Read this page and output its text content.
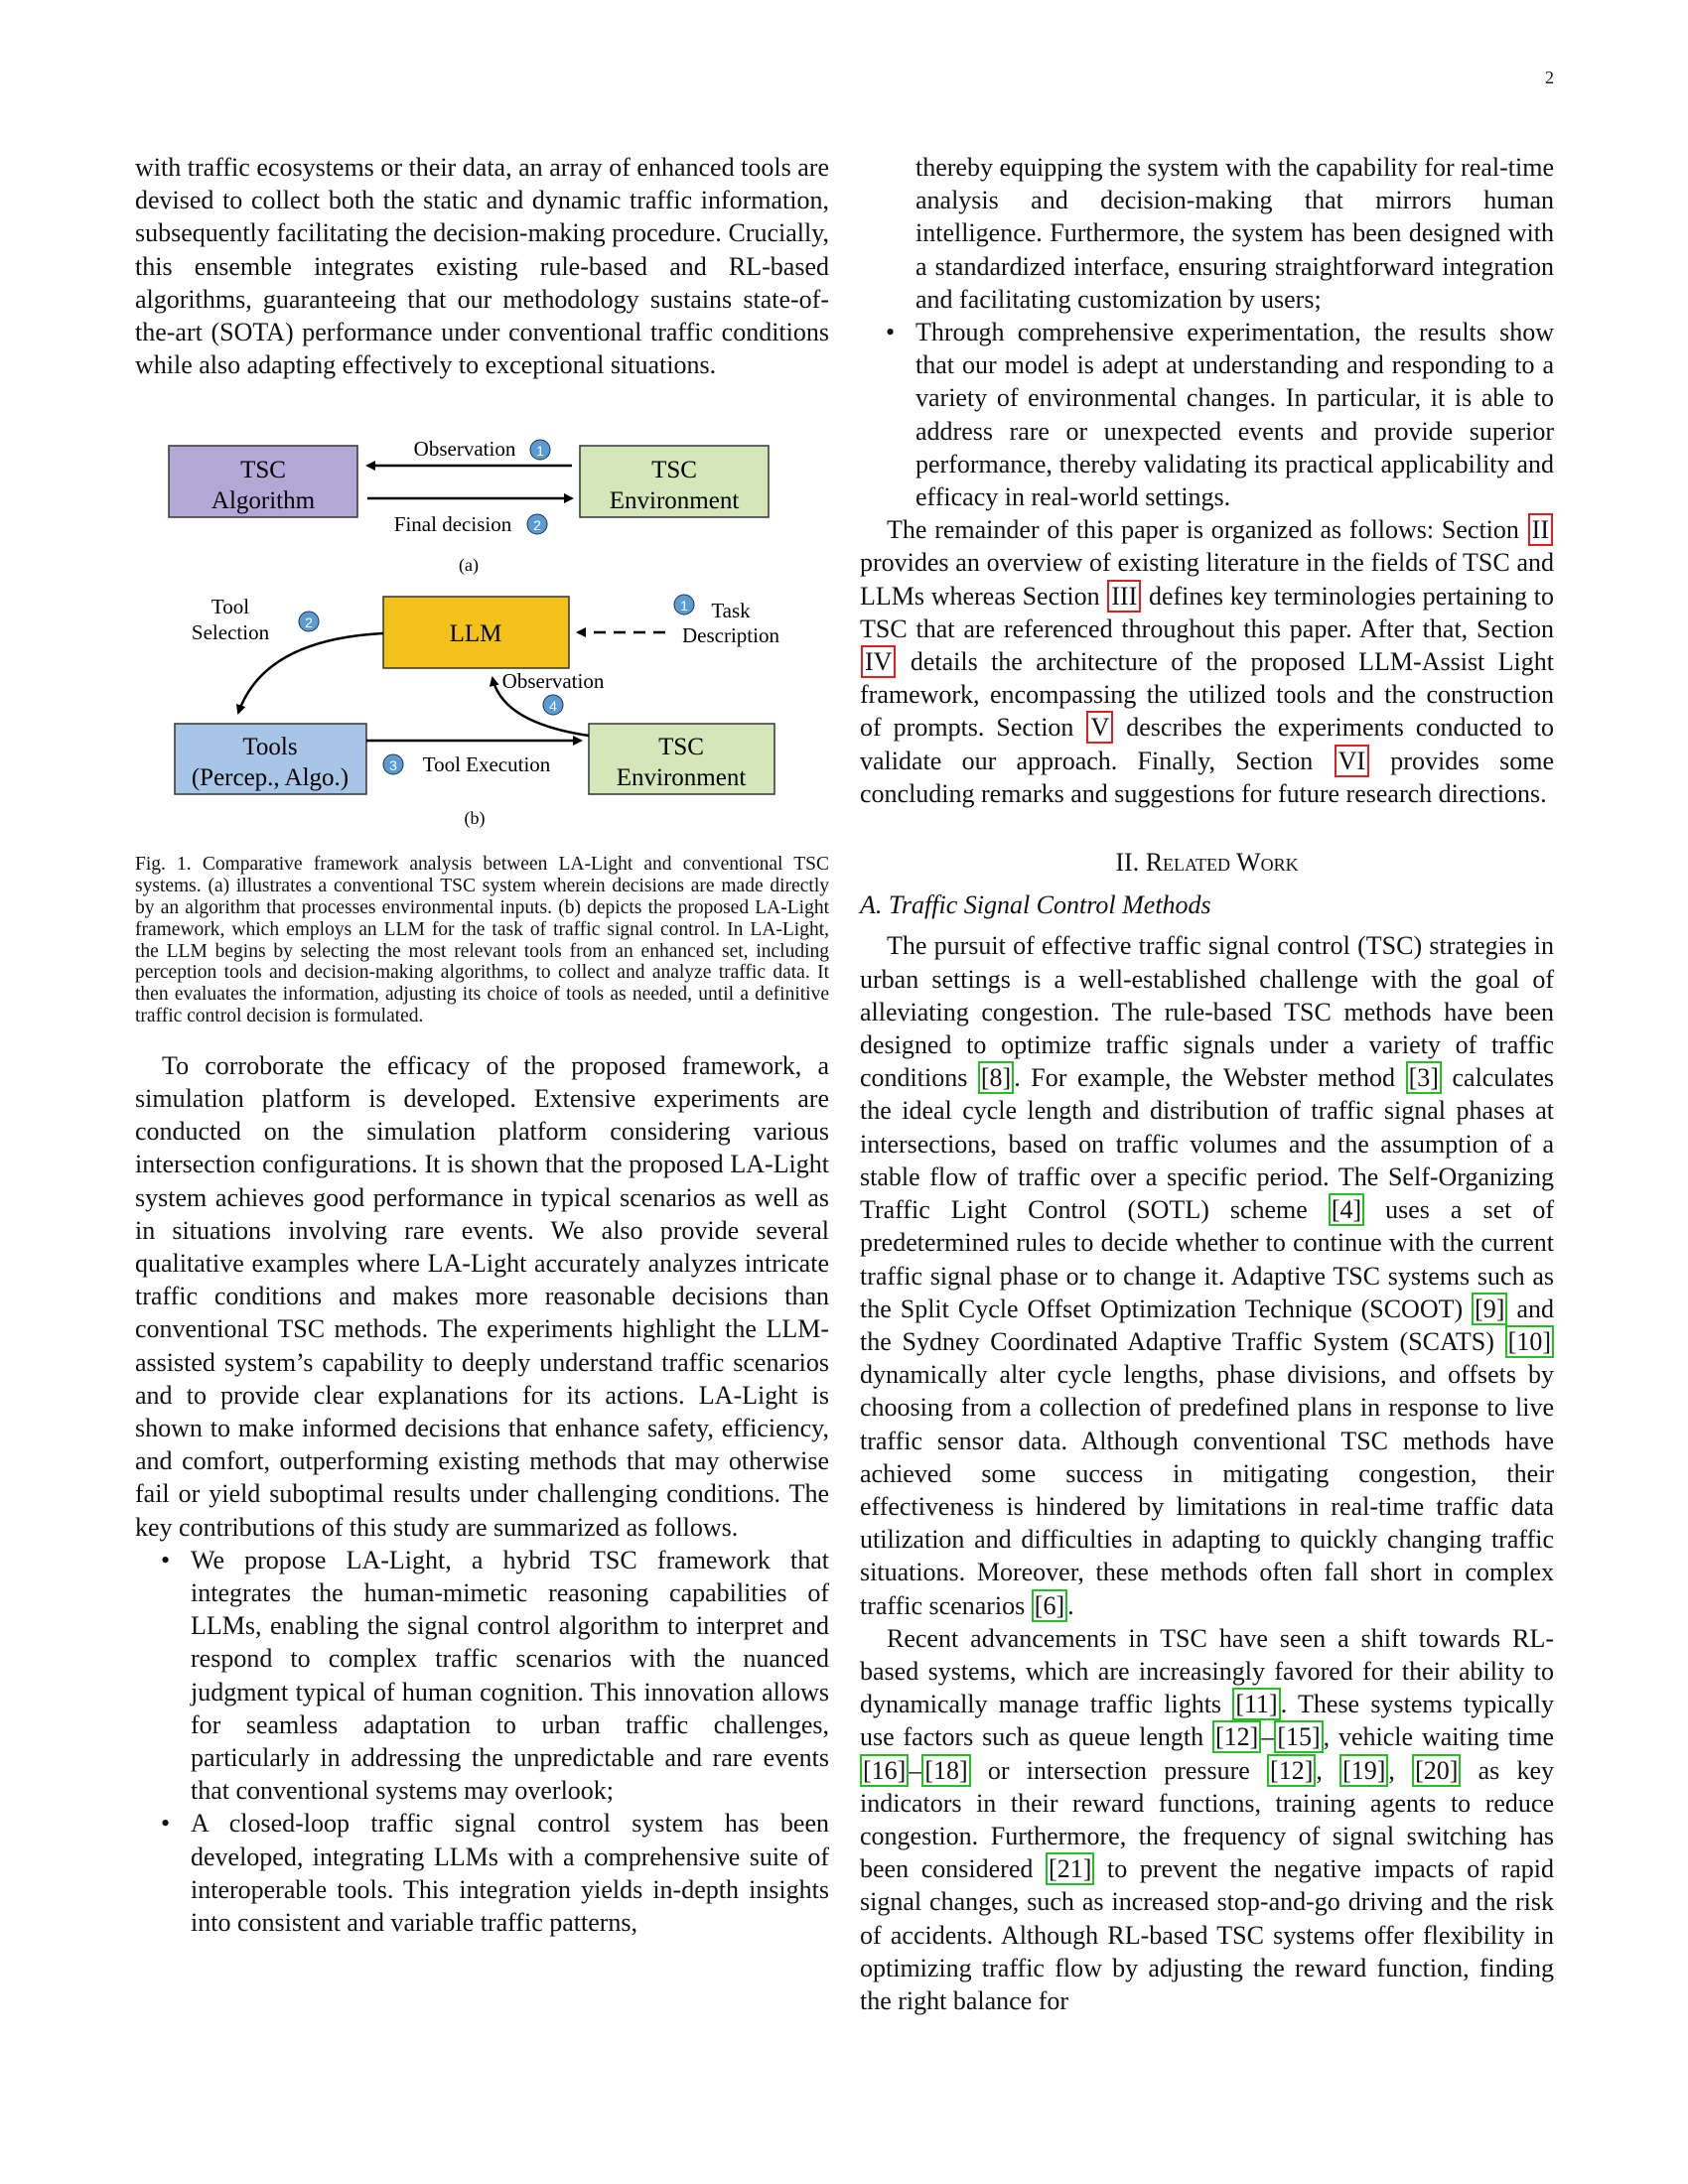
2

with traffic ecosystems or their data, an array of enhanced tools are devised to collect both the static and dynamic traffic information, subsequently facilitating the decision-making procedure. Crucially, this ensemble integrates existing rule-based and RL-based algorithms, guaranteeing that our methodology sustains state-of-the-art (SOTA) performance under conventional traffic conditions while also adapting effectively to exceptional situations.

TSC
Algorithm
TSC
Environment
Observation 1
Final decision 2
(a)
LLM
1 Task
Description
Tool
Selection	2
Tools
(Percep., Algo.)
TSC
Environment
3 Tool Execution
Observation
4
(b)

Fig. 1. Comparative framework analysis between LA-Light and conventional TSC systems. (a) illustrates a conventional TSC system wherein decisions are made directly by an algorithm that processes environmental inputs. (b) depicts the proposed LA-Light framework, which employs an LLM for the task of traffic signal control. In LA-Light, the LLM begins by selecting the most relevant tools from an enhanced set, including perception tools and decision-making algorithms, to collect and analyze traffic data. It then evaluates the information, adjusting its choice of tools as needed, until a definitive traffic control decision is formulated.

To corroborate the efficacy of the proposed framework, a simulation platform is developed. Extensive experiments are conducted on the simulation platform considering various intersection configurations. It is shown that the proposed LA-Light system achieves good performance in typical scenarios as well as in situations involving rare events. We also provide several qualitative examples where LA-Light accurately analyzes intricate traffic conditions and makes more reasonable decisions than conventional TSC methods. The experiments highlight the LLM-assisted system’s capability to deeply understand traffic scenarios and to provide clear explanations for its actions. LA-Light is shown to make informed decisions that enhance safety, efficiency, and comfort, outperforming existing methods that may otherwise fail or yield suboptimal results under challenging conditions. The key contributions of this study are summarized as follows.

• We propose LA-Light, a hybrid TSC framework that integrates the human-mimetic reasoning capabilities of LLMs, enabling the signal control algorithm to interpret and respond to complex traffic scenarios with the nuanced judgment typical of human cognition. This innovation allows for seamless adaptation to urban traffic challenges, particularly in addressing the unpredictable and rare events that conventional systems may overlook;
• A closed-loop traffic signal control system has been developed, integrating LLMs with a comprehensive suite of interoperable tools. This integration yields in-depth insights into consistent and variable traffic patterns,
thereby equipping the system with the capability for real-time analysis and decision-making that mirrors human intelligence. Furthermore, the system has been designed with a standardized interface, ensuring straightforward integration and facilitating customization by users;
• Through comprehensive experimentation, the results show that our model is adept at understanding and responding to a variety of environmental changes. In particular, it is able to address rare or unexpected events and provide superior performance, thereby validating its practical applicability and efficacy in real-world settings.

The remainder of this paper is organized as follows: Section II provides an overview of existing literature in the fields of TSC and LLMs whereas Section III defines key terminologies pertaining to TSC that are referenced throughout this paper. After that, Section IV details the architecture of the proposed LLM-Assist Light framework, encompassing the utilized tools and the construction of prompts. Section V describes the experiments conducted to validate our approach. Finally, Section VI provides some concluding remarks and suggestions for future research directions.

II. Related Work

A. Traffic Signal Control Methods

The pursuit of effective traffic signal control (TSC) strategies in urban settings is a well-established challenge with the goal of alleviating congestion. The rule-based TSC methods have been designed to optimize traffic signals under a variety of traffic conditions [8] . For example, the Webster method [3] calculates the ideal cycle length and distribution of traffic signal phases at intersections, based on traffic volumes and the assumption of a stable flow of traffic over a specific period. The Self-Organizing Traffic Light Control (SOTL) scheme [4] uses a set of predetermined rules to decide whether to continue with the current traffic signal phase or to change it. Adaptive TSC systems such as the Split Cycle Offset Optimization Technique (SCOOT) [9] and the Sydney Coordinated Adaptive Traffic System (SCATS) [10] dynamically alter cycle lengths, phase divisions, and offsets by choosing from a collection of predefined plans in response to live traffic sensor data. Although conventional TSC methods have achieved some success in mitigating congestion, their effectiveness is hindered by limitations in real-time traffic data utilization and difficulties in adapting to quickly changing traffic situations. Moreover, these methods often fall short in complex traffic scenarios [6] .

Recent advancements in TSC have seen a shift towards RL-based systems, which are increasingly favored for their ability to dynamically manage traffic lights [11] . These systems typically use factors such as queue length [12] – [15] , vehicle waiting time [16] – [18] or intersection pressure [12] , [19] , [20] as key indicators in their reward functions, training agents to reduce congestion. Furthermore, the frequency of signal switching has been considered [21] to prevent the negative impacts of rapid signal changes, such as increased stop-and-go driving and the risk of accidents. Although RL-based TSC systems offer flexibility in optimizing traffic flow by adjusting the reward function, finding the right balance for
